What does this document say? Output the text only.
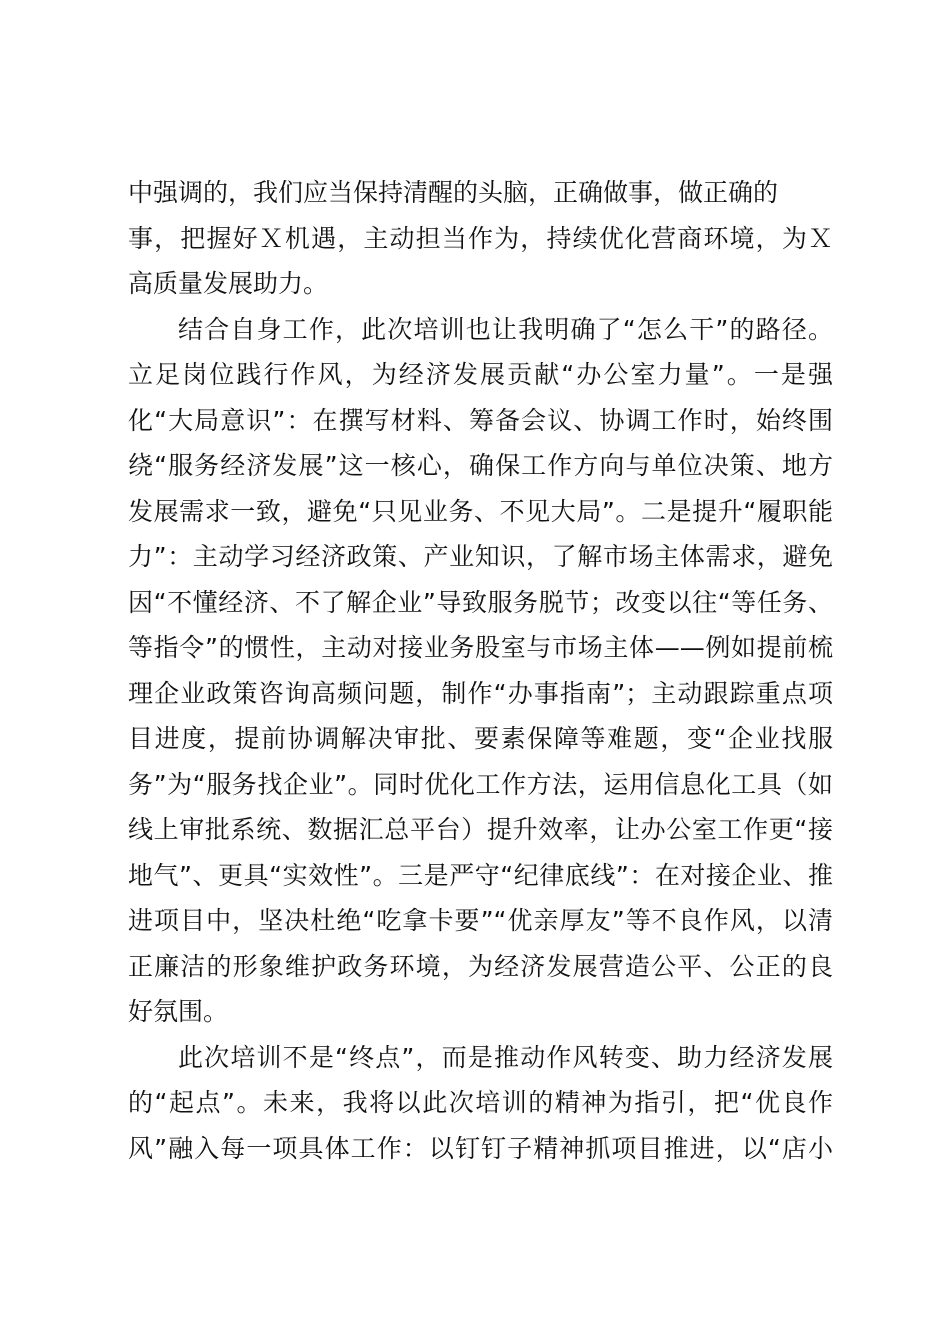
中强调的，我们应当保持清醒的头脑，正确做事，做正确的
事，把握好Ｘ机遇，主动担当作为，持续优化营商环境，为Ｘ
高质量发展助力。
结合自身工作，此次培训也让我明确了“怎么干”的路径。
立足岗位践行作风，为经济发展贡献“办公室力量”。一是强
化“大局意识”：在撰写材料、筹备会议、协调工作时，始终围
绕“服务经济发展”这一核心，确保工作方向与单位决策、地方
发展需求一致，避免“只见业务、不见大局”。二是提升“履职能
力”：主动学习经济政策、产业知识，了解市场主体需求，避免
因“不懂经济、不了解企业”导致服务脱节；改变以往“等任务、
等指令”的惯性，主动对接业务股室与市场主体——例如提前梳
理企业政策咨询高频问题，制作“办事指南”；主动跟踪重点项
目进度，提前协调解决审批、要素保障等难题，变“企业找服
务”为“服务找企业”。同时优化工作方法，运用信息化工具（如
线上审批系统、数据汇总平台）提升效率，让办公室工作更“接
地气”、更具“实效性”。三是严守“纪律底线”：在对接企业、推
进项目中，坚决杜绝“吃拿卡要”“优亲厚友”等不良作风，以清
正廉洁的形象维护政务环境，为经济发展营造公平、公正的良
好氛围。
此次培训不是“终点”，而是推动作风转变、助力经济发展
的“起点”。未来，我将以此次培训的精神为指引，把“优良作
风”融入每一项具体工作：以钉钉子精神抓项目推进，以“店小
